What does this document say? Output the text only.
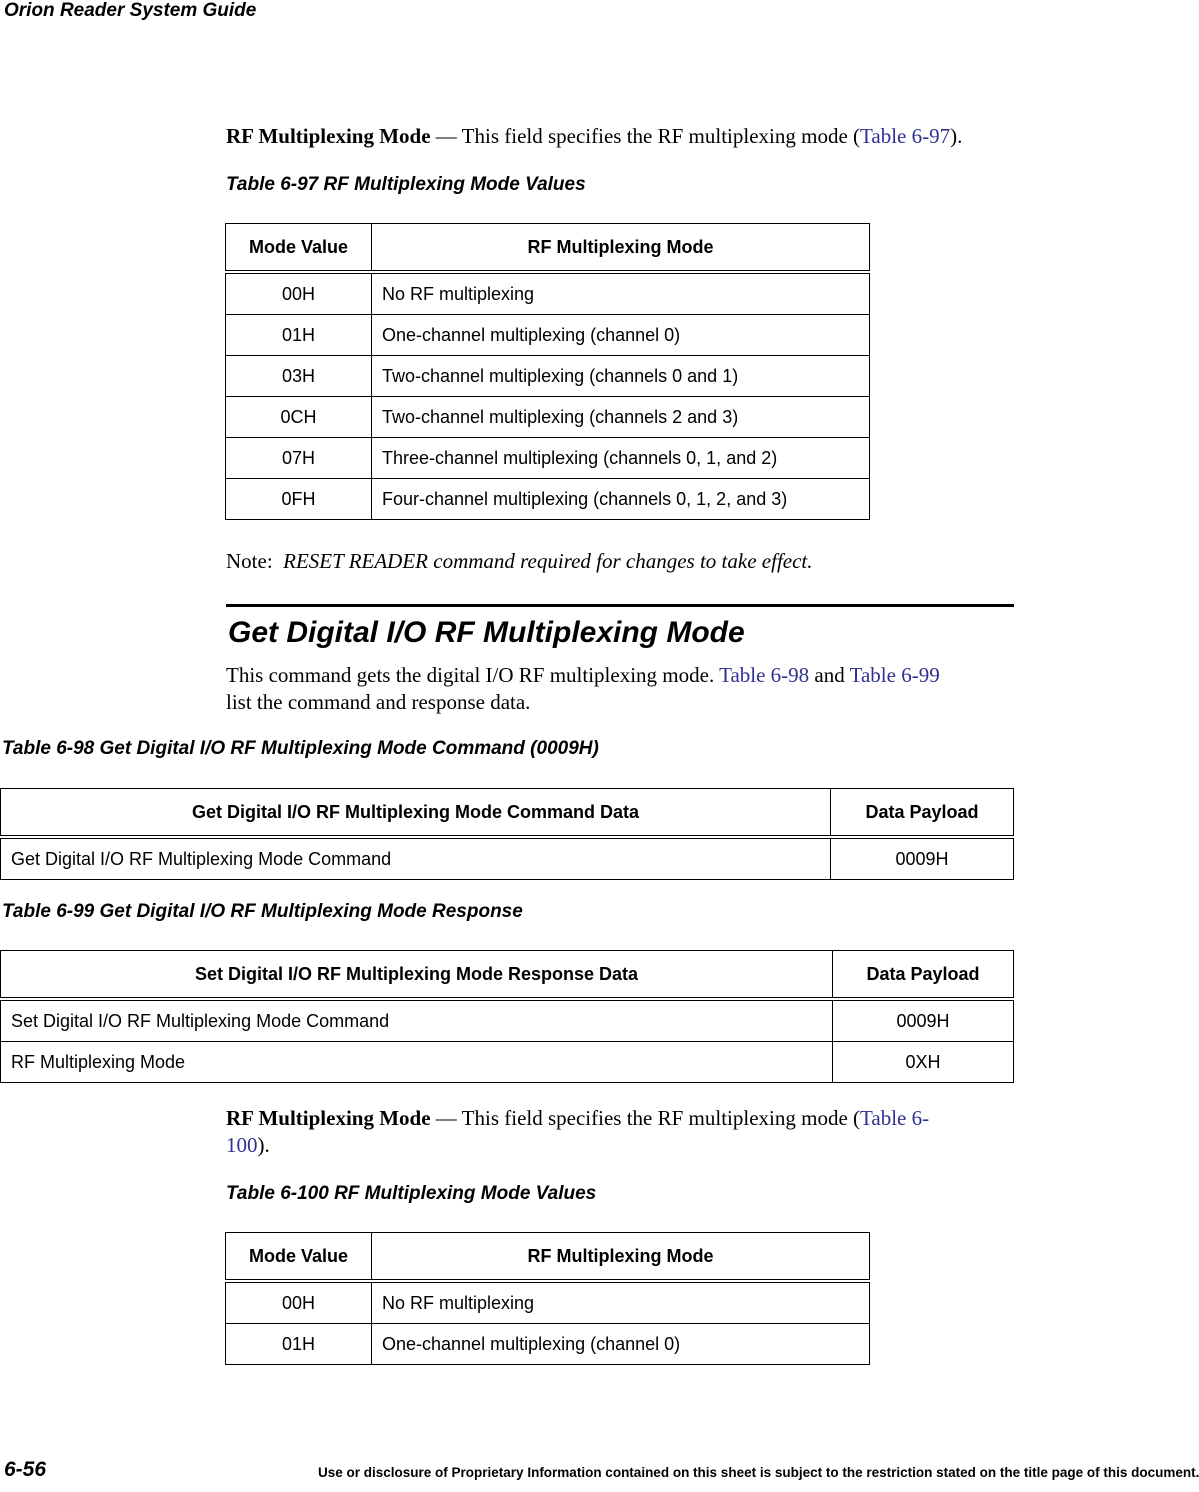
Orion Reader System Guide
RF Multiplexing Mode — This field specifies the RF multiplexing mode (Table 6-97).
Table 6-97 RF Multiplexing Mode Values
Mode Value	RF Multiplexing Mode
00H	No RF multiplexing
01H	One-channel multiplexing (channel 0)
03H	Two-channel multiplexing (channels 0 and 1)
0CH	Two-channel multiplexing (channels 2 and 3)
07H	Three-channel multiplexing (channels 0, 1, and 2)
0FH	Four-channel multiplexing (channels 0, 1, 2, and 3)
Note: RESET READER command required for changes to take effect.
Get Digital I/O RF Multiplexing Mode
This command gets the digital I/O RF multiplexing mode. Table 6-98 and Table 6-99
list the command and response data.
Table 6-98 Get Digital I/O RF Multiplexing Mode Command (0009H)
Get Digital I/O RF Multiplexing Mode Command Data	Data Payload
Get Digital I/O RF Multiplexing Mode Command	0009H
Table 6-99 Get Digital I/O RF Multiplexing Mode Response
Set Digital I/O RF Multiplexing Mode Response Data	Data Payload
Set Digital I/O RF Multiplexing Mode Command	0009H
RF Multiplexing Mode	0XH
RF Multiplexing Mode — This field specifies the RF multiplexing mode (Table 6-
100).
Table 6-100 RF Multiplexing Mode Values
Mode Value	RF Multiplexing Mode
00H	No RF multiplexing
01H	One-channel multiplexing (channel 0)
6-56	Use or disclosure of Proprietary Information contained on this sheet is subject to the restriction stated on the title page of this document.
